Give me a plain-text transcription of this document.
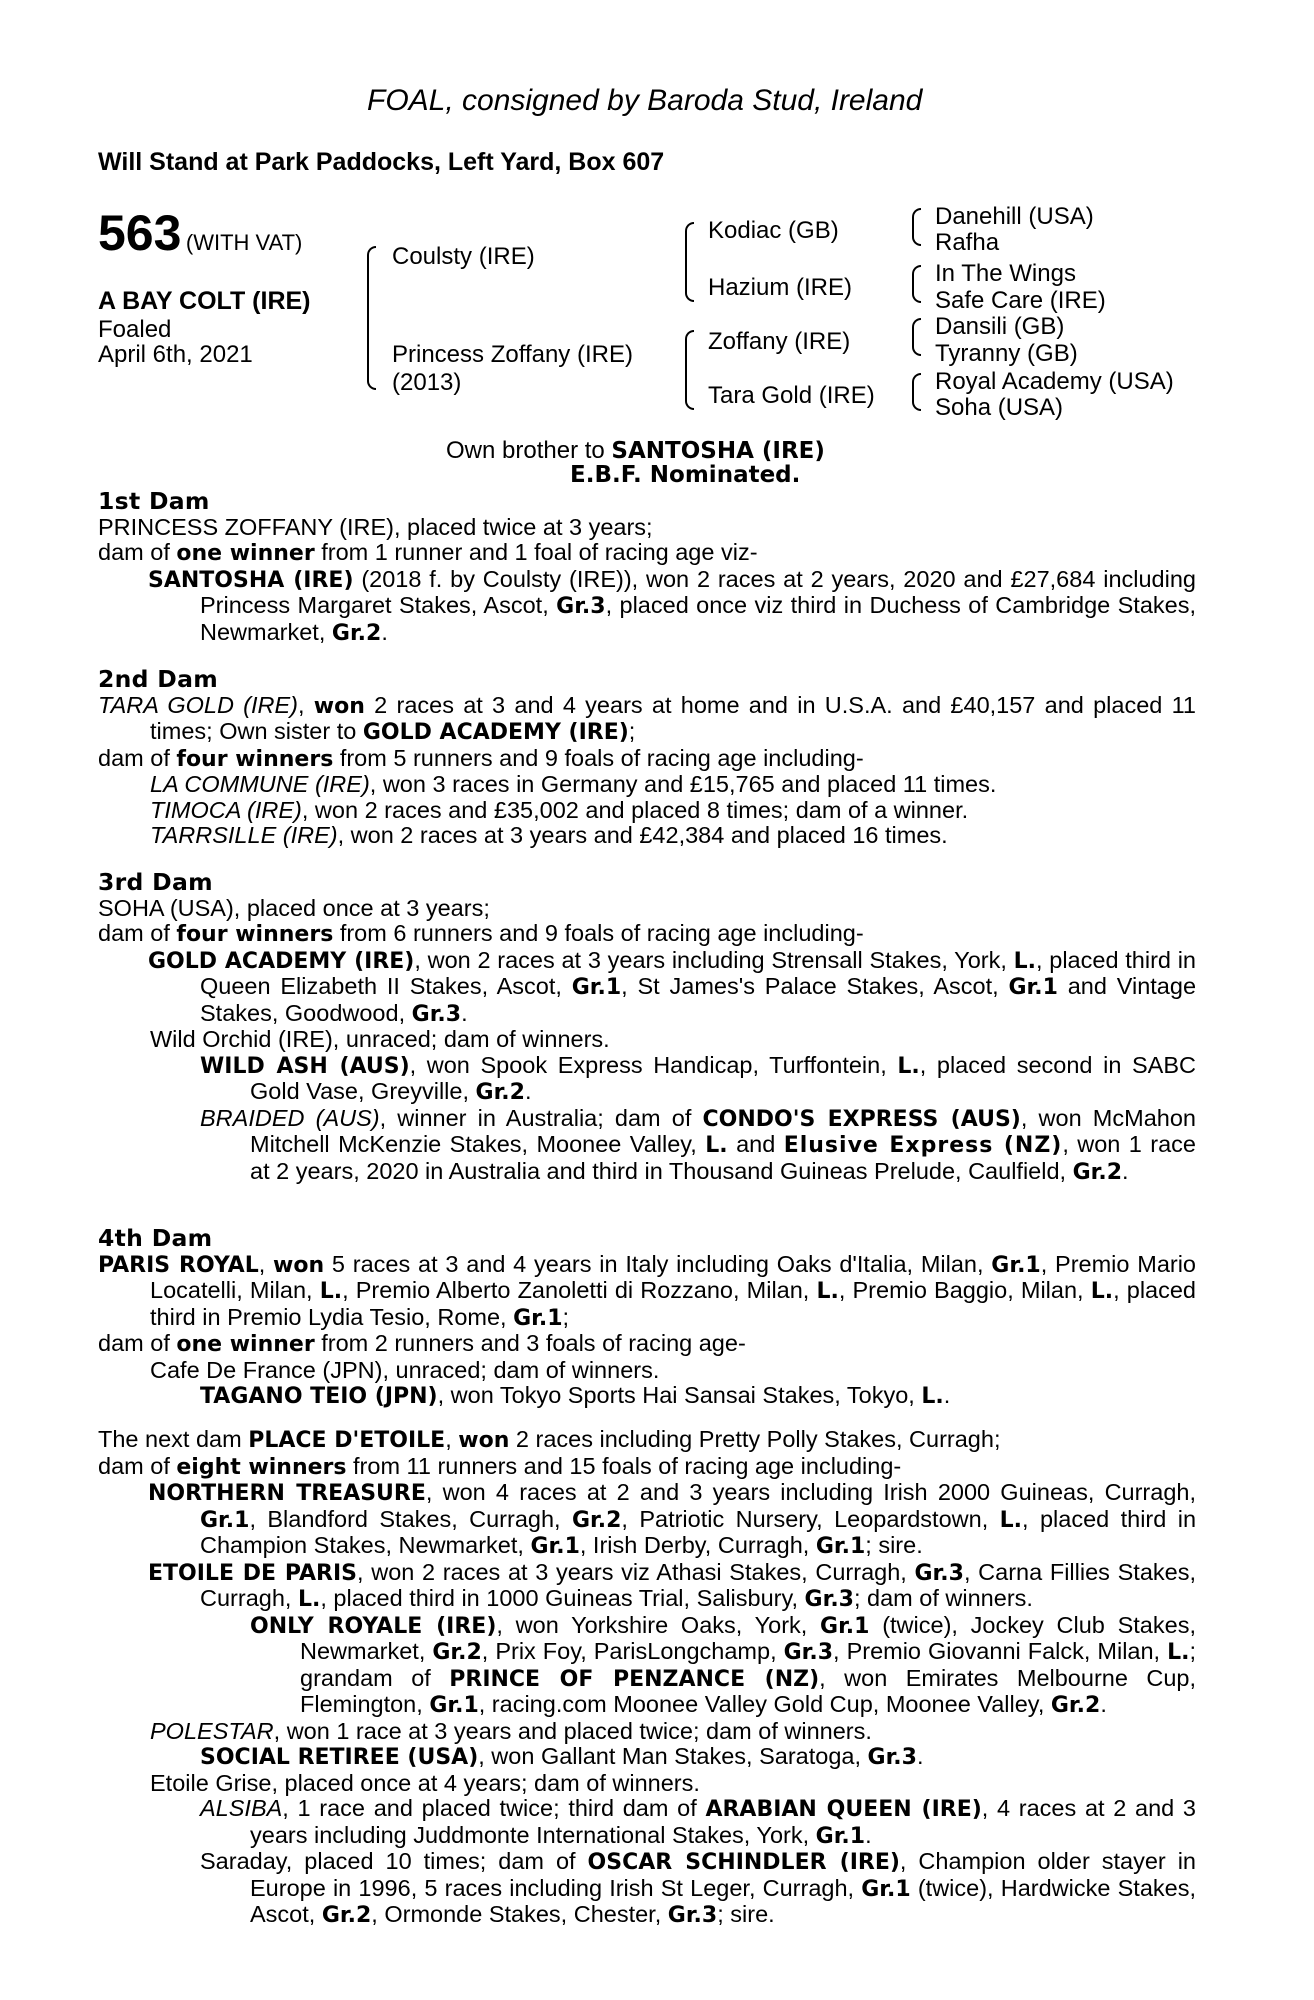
FOAL, consigned by Baroda Stud, Ireland
Will Stand at Park Paddocks, Left Yard, Box 607
563 (WITH VAT)
A BAY COLT (IRE)
Foaled
April 6th, 2021
Coulsty (IRE)
Princess Zoffany (IRE)
(2013)
Kodiac (GB)
Hazium (IRE)
Zoffany (IRE)
Tara Gold (IRE)
Danehill (USA)
Rafha
In The Wings
Safe Care (IRE)
Dansili (GB)
Tyranny (GB)
Royal Academy (USA)
Soha (USA)
Own brother to SANTOSHA (IRE)
E.B.F. Nominated.

1st Dam

PRINCESS ZOFFANY (IRE), placed twice at 3 years;

dam of one winner from 1 runner and 1 foal of racing age viz-

SANTOSHA (IRE) (2018 f. by Coulsty (IRE)), won 2 races at 2 years, 2020 and £27,684 including Princess Margaret Stakes, Ascot, Gr.3, placed once viz third in Duchess of Cambridge Stakes, Newmarket, Gr.2.

2nd Dam

TARA GOLD (IRE), won 2 races at 3 and 4 years at home and in U.S.A. and £40,157 and placed 11 times; Own sister to GOLD ACADEMY (IRE);

dam of four winners from 5 runners and 9 foals of racing age including-

LA COMMUNE (IRE), won 3 races in Germany and £15,765 and placed 11 times.

TIMOCA (IRE), won 2 races and £35,002 and placed 8 times; dam of a winner.

TARRSILLE (IRE), won 2 races at 3 years and £42,384 and placed 16 times.

3rd Dam

SOHA (USA), placed once at 3 years;

dam of four winners from 6 runners and 9 foals of racing age including-

GOLD ACADEMY (IRE), won 2 races at 3 years including Strensall Stakes, York, L., placed third in Queen Elizabeth II Stakes, Ascot, Gr.1, St James's Palace Stakes, Ascot, Gr.1 and Vintage Stakes, Goodwood, Gr.3.

Wild Orchid (IRE), unraced; dam of winners.

WILD ASH (AUS), won Spook Express Handicap, Turffontein, L., placed second in SABC Gold Vase, Greyville, Gr.2.

BRAIDED (AUS), winner in Australia; dam of CONDO'S EXPRESS (AUS), won McMahon Mitchell McKenzie Stakes, Moonee Valley, L. and Elusive Express (NZ), won 1 race at 2 years, 2020 in Australia and third in Thousand Guineas Prelude, Caulfield, Gr.2.

4th Dam

PARIS ROYAL, won 5 races at 3 and 4 years in Italy including Oaks d'Italia, Milan, Gr.1, Premio Mario Locatelli, Milan, L., Premio Alberto Zanoletti di Rozzano, Milan, L., Premio Baggio, Milan, L., placed third in Premio Lydia Tesio, Rome, Gr.1;

dam of one winner from 2 runners and 3 foals of racing age-

Cafe De France (JPN), unraced; dam of winners.

TAGANO TEIO (JPN), won Tokyo Sports Hai Sansai Stakes, Tokyo, L..

The next dam PLACE D'ETOILE, won 2 races including Pretty Polly Stakes, Curragh;

dam of eight winners from 11 runners and 15 foals of racing age including-

NORTHERN TREASURE, won 4 races at 2 and 3 years including Irish 2000 Guineas, Curragh, Gr.1, Blandford Stakes, Curragh, Gr.2, Patriotic Nursery, Leopardstown, L., placed third in Champion Stakes, Newmarket, Gr.1, Irish Derby, Curragh, Gr.1; sire.

ETOILE DE PARIS, won 2 races at 3 years viz Athasi Stakes, Curragh, Gr.3, Carna Fillies Stakes, Curragh, L., placed third in 1000 Guineas Trial, Salisbury, Gr.3; dam of winners.

ONLY ROYALE (IRE), won Yorkshire Oaks, York, Gr.1 (twice), Jockey Club Stakes, Newmarket, Gr.2, Prix Foy, ParisLongchamp, Gr.3, Premio Giovanni Falck, Milan, L.; grandam of PRINCE OF PENZANCE (NZ), won Emirates Melbourne Cup, Flemington, Gr.1, racing.com Moonee Valley Gold Cup, Moonee Valley, Gr.2.

POLESTAR, won 1 race at 3 years and placed twice; dam of winners.

SOCIAL RETIREE (USA), won Gallant Man Stakes, Saratoga, Gr.3.

Etoile Grise, placed once at 4 years; dam of winners.

ALSIBA, 1 race and placed twice; third dam of ARABIAN QUEEN (IRE), 4 races at 2 and 3 years including Juddmonte International Stakes, York, Gr.1.

Saraday, placed 10 times; dam of OSCAR SCHINDLER (IRE), Champion older stayer in Europe in 1996, 5 races including Irish St Leger, Curragh, Gr.1 (twice), Hardwicke Stakes, Ascot, Gr.2, Ormonde Stakes, Chester, Gr.3; sire.
